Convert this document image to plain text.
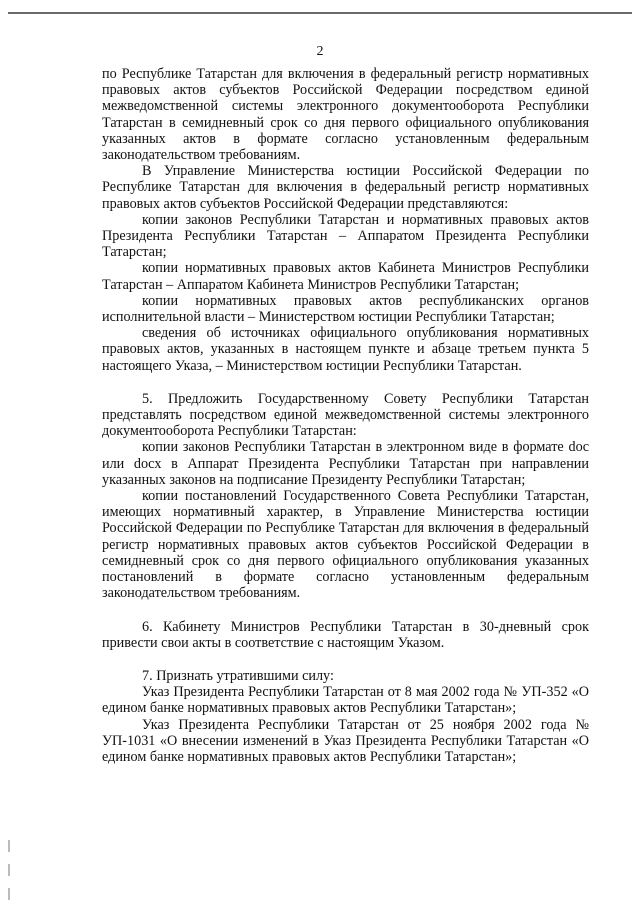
2

по Республике Татарстан для включения в федеральный регистр нормативных правовых актов субъектов Российской Федерации посредством единой межведомственной системы электронного документооборота Республики Татарстан в семидневный срок со дня первого официального опубликования указанных актов в формате согласно установленным федеральным законодательством требованиям.

В Управление Министерства юстиции Российской Федерации по Республике Татарстан для включения в федеральный регистр нормативных правовых актов субъектов Российской Федерации представляются:

копии законов Республики Татарстан и нормативных правовых актов Президента Республики Татарстан – Аппаратом Президента Республики Татарстан;

копии нормативных правовых актов Кабинета Министров Республики Татарстан – Аппаратом Кабинета Министров Республики Татарстан;

копии нормативных правовых актов республиканских органов исполнительной власти – Министерством юстиции Республики Татарстан;

сведения об источниках официального опубликования нормативных правовых актов, указанных в настоящем пункте и абзаце третьем пункта 5 настоящего Указа, – Министерством юстиции Республики Татарстан.

5. Предложить Государственному Совету Республики Татарстан представлять посредством единой межведомственной системы электронного документооборота Республики Татарстан:

копии законов Республики Татарстан в электронном виде в формате doc или docx в Аппарат Президента Республики Татарстан при направлении указанных законов на подписание Президенту Республики Татарстан;

копии постановлений Государственного Совета Республики Татарстан, имеющих нормативный характер, в Управление Министерства юстиции Российской Федерации по Республике Татарстан для включения в федеральный регистр нормативных правовых актов субъектов Российской Федерации в семидневный срок со дня первого официального опубликования указанных постановлений в формате согласно установленным федеральным законодательством требованиям.

6. Кабинету Министров Республики Татарстан в 30-дневный срок привести свои акты в соответствие с настоящим Указом.

7. Признать утратившими силу:

Указ Президента Республики Татарстан от 8 мая 2002 года № УП-352 «О едином банке нормативных правовых актов Республики Татарстан»;

Указ Президента Республики Татарстан от 25 ноября 2002 года № УП-1031 «О внесении изменений в Указ Президента Республики Татарстан «О едином банке нормативных правовых актов Республики Татарстан»;
